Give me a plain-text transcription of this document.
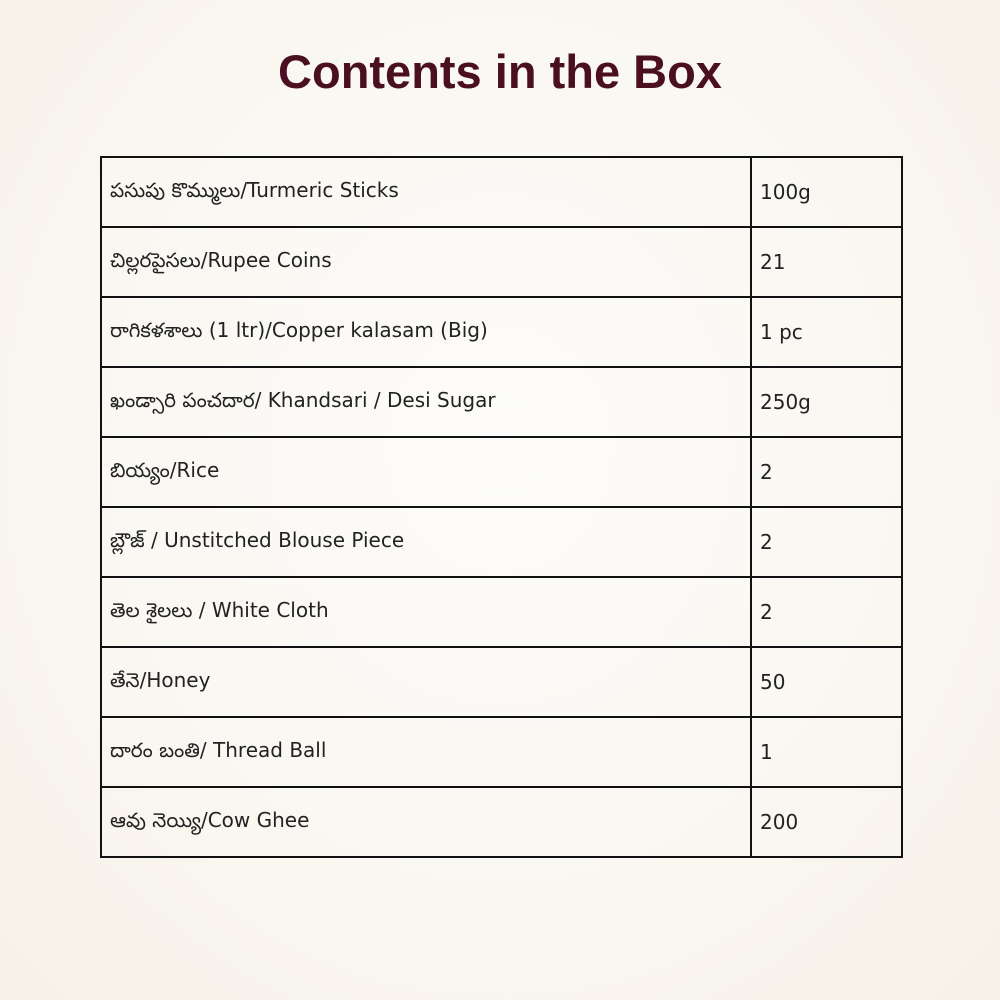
Contents in the Box
పసుపు కొమ్ములు/Turmeric Sticks	100g
చిల్లరపైసలు/Rupee Coins	21
రాగికళశాలు (1 ltr)/Copper kalasam (Big)	1 pc
ఖండ్సారి పంచదార/ Khandsari / Desi Sugar	250g
బియ్యం/Rice	2
బ్లౌజ్ / Unstitched Blouse Piece	2
తెల శైలలు / White Cloth	2
తేనె/Honey	50
దారం బంతి/ Thread Ball	1
ఆవు నెయ్యి/Cow Ghee	200
